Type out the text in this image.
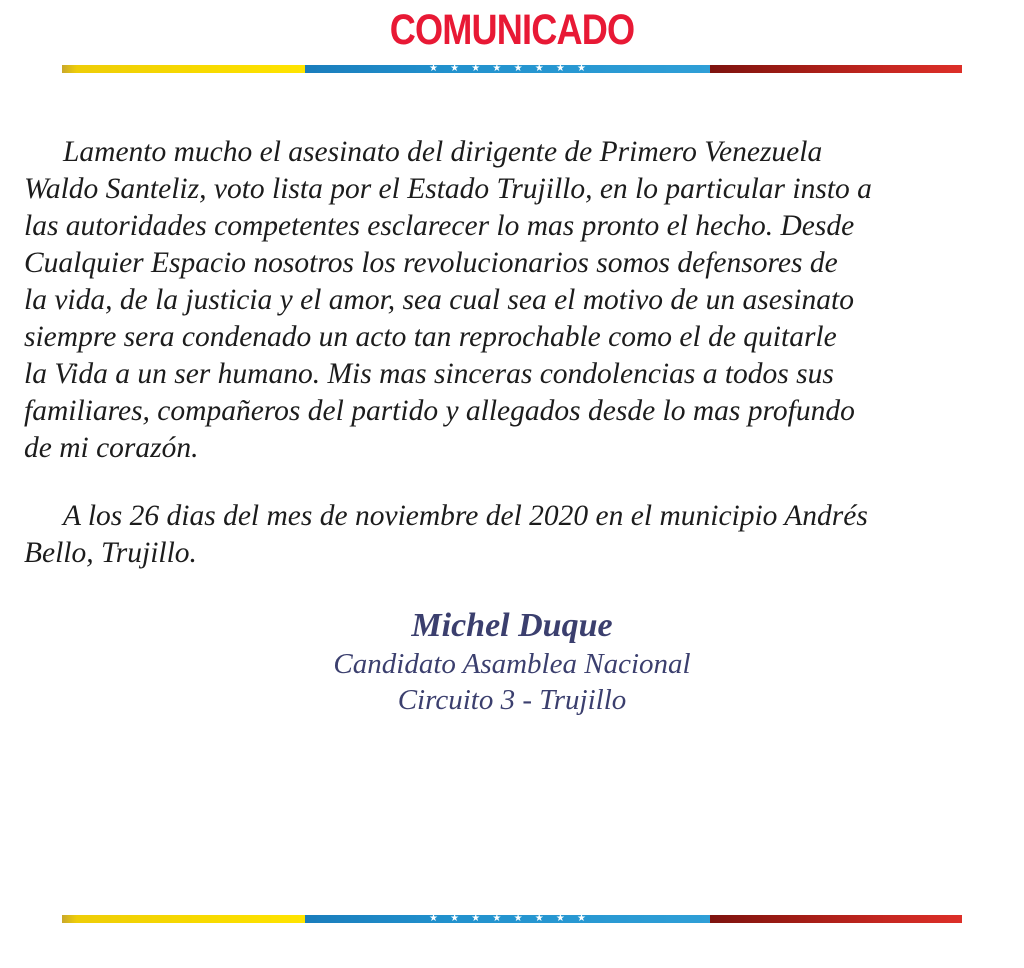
COMUNICADO
★ ★ ★ ★ ★ ★ ★ ★

Lamento mucho el asesinato del dirigente de Primero Venezuela
Waldo Santeliz, voto lista por el Estado Trujillo, en lo particular insto a
las autoridades competentes esclarecer lo mas pronto el hecho. Desde
Cualquier Espacio nosotros los revolucionarios somos defensores de
la vida, de la justicia y el amor, sea cual sea el motivo de un asesinato
siempre sera condenado un acto tan reprochable como el de quitarle
la Vida a un ser humano. Mis mas sinceras condolencias a todos sus
familiares, compañeros del partido y allegados desde lo mas profundo
de mi corazón.

A los 26 dias del mes de noviembre del 2020 en el municipio Andrés
Bello, Trujillo.

Michel Duque
Candidato Asamblea Nacional
Circuito 3 - Trujillo
★ ★ ★ ★ ★ ★ ★ ★
